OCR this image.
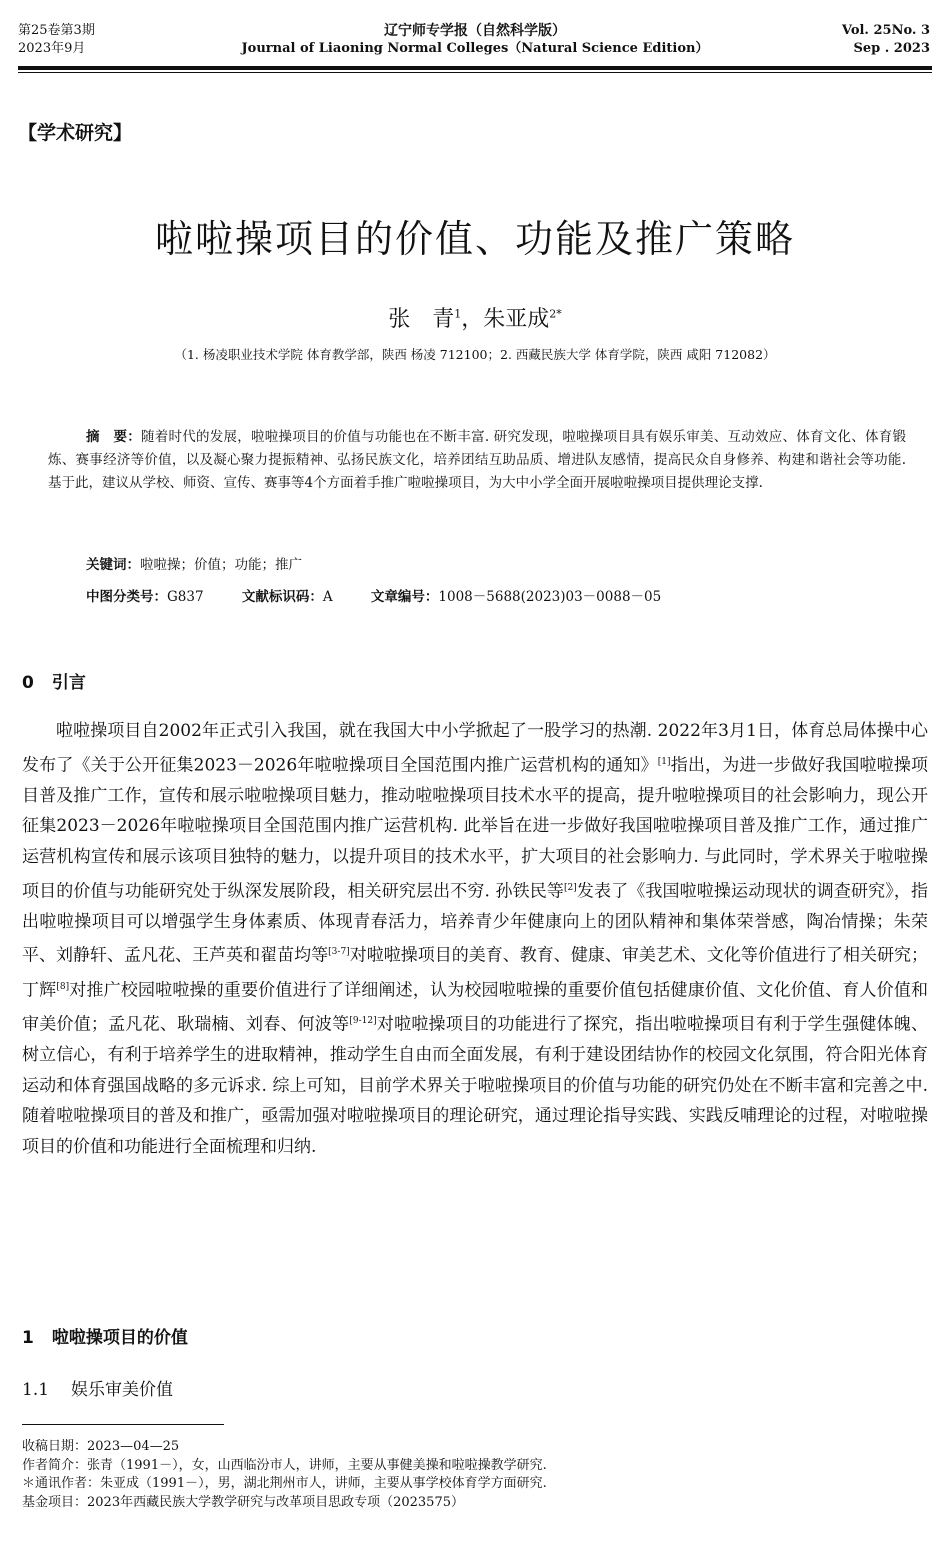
第25卷第3期
2023年9月
辽宁师专学报（自然科学版）
Journal of Liaoning Normal Colleges（Natural Science Edition）
Vol. 25No. 3
Sep . 2023
【学术研究】
啦啦操项目的价值、功能及推广策略
张　青$^1$，朱亚成$^{2*}$
（1. 杨凌职业技术学院 体育教学部，陕西 杨凌 712100；2. 西藏民族大学 体育学院，陕西 咸阳 712082）
摘　要：随着时代的发展，啦啦操项目的价值与功能也在不断丰富. 研究发现，啦啦操项目具有娱乐审美、互动效应、体育文化、体育锻炼、赛事经济等价值，以及凝心聚力提振精神、弘扬民族文化，培养团结互助品质、增进队友感情，提高民众自身修养、构建和谐社会等功能. 基于此，建议从学校、师资、宣传、赛事等4个方面着手推广啦啦操项目，为大中小学全面开展啦啦操项目提供理论支撑.
关键词：啦啦操；价值；功能；推广
中图分类号：G837	文献标识码：A	文章编号：1008－5688(2023)03－0088－05
0 引言

啦啦操项目自2002年正式引入我国，就在我国大中小学掀起了一股学习的热潮. 2022年3月1日，体育总局体操中心发布了《关于公开征集2023－2026年啦啦操项目全国范围内推广运营机构的通知》[1]指出，为进一步做好我国啦啦操项目普及推广工作，宣传和展示啦啦操项目魅力，推动啦啦操项目技术水平的提高，提升啦啦操项目的社会影响力，现公开征集2023－2026年啦啦操项目全国范围内推广运营机构. 此举旨在进一步做好我国啦啦操项目普及推广工作，通过推广运营机构宣传和展示该项目独特的魅力，以提升项目的技术水平，扩大项目的社会影响力. 与此同时，学术界关于啦啦操项目的价值与功能研究处于纵深发展阶段，相关研究层出不穷. 孙铁民等[2]发表了《我国啦啦操运动现状的调查研究》，指出啦啦操项目可以增强学生身体素质、体现青春活力，培养青少年健康向上的团队精神和集体荣誉感，陶冶情操；朱荣平、刘静轩、孟凡花、王芦英和翟苗均等[3-7]对啦啦操项目的美育、教育、健康、审美艺术、文化等价值进行了相关研究；丁辉[8]对推广校园啦啦操的重要价值进行了详细阐述，认为校园啦啦操的重要价值包括健康价值、文化价值、育人价值和审美价值；孟凡花、耿瑞楠、刘春、何波等[9-12]对啦啦操项目的功能进行了探究，指出啦啦操项目有利于学生强健体魄、树立信心，有利于培养学生的进取精神，推动学生自由而全面发展，有利于建设团结协作的校园文化氛围，符合阳光体育运动和体育强国战略的多元诉求. 综上可知，目前学术界关于啦啦操项目的价值与功能的研究仍处在不断丰富和完善之中. 随着啦啦操项目的普及和推广，亟需加强对啦啦操项目的理论研究，通过理论指导实践、实践反哺理论的过程，对啦啦操项目的价值和功能进行全面梳理和归纳.

1 啦啦操项目的价值
1.1 娱乐审美价值
收稿日期：2023—04—25
作者简介：张青（1991－），女，山西临汾市人，讲师，主要从事健美操和啦啦操教学研究.
＊通讯作者：朱亚成（1991－），男，湖北荆州市人，讲师，主要从事学校体育学方面研究.
基金项目：2023年西藏民族大学教学研究与改革项目思政专项（2023575）
